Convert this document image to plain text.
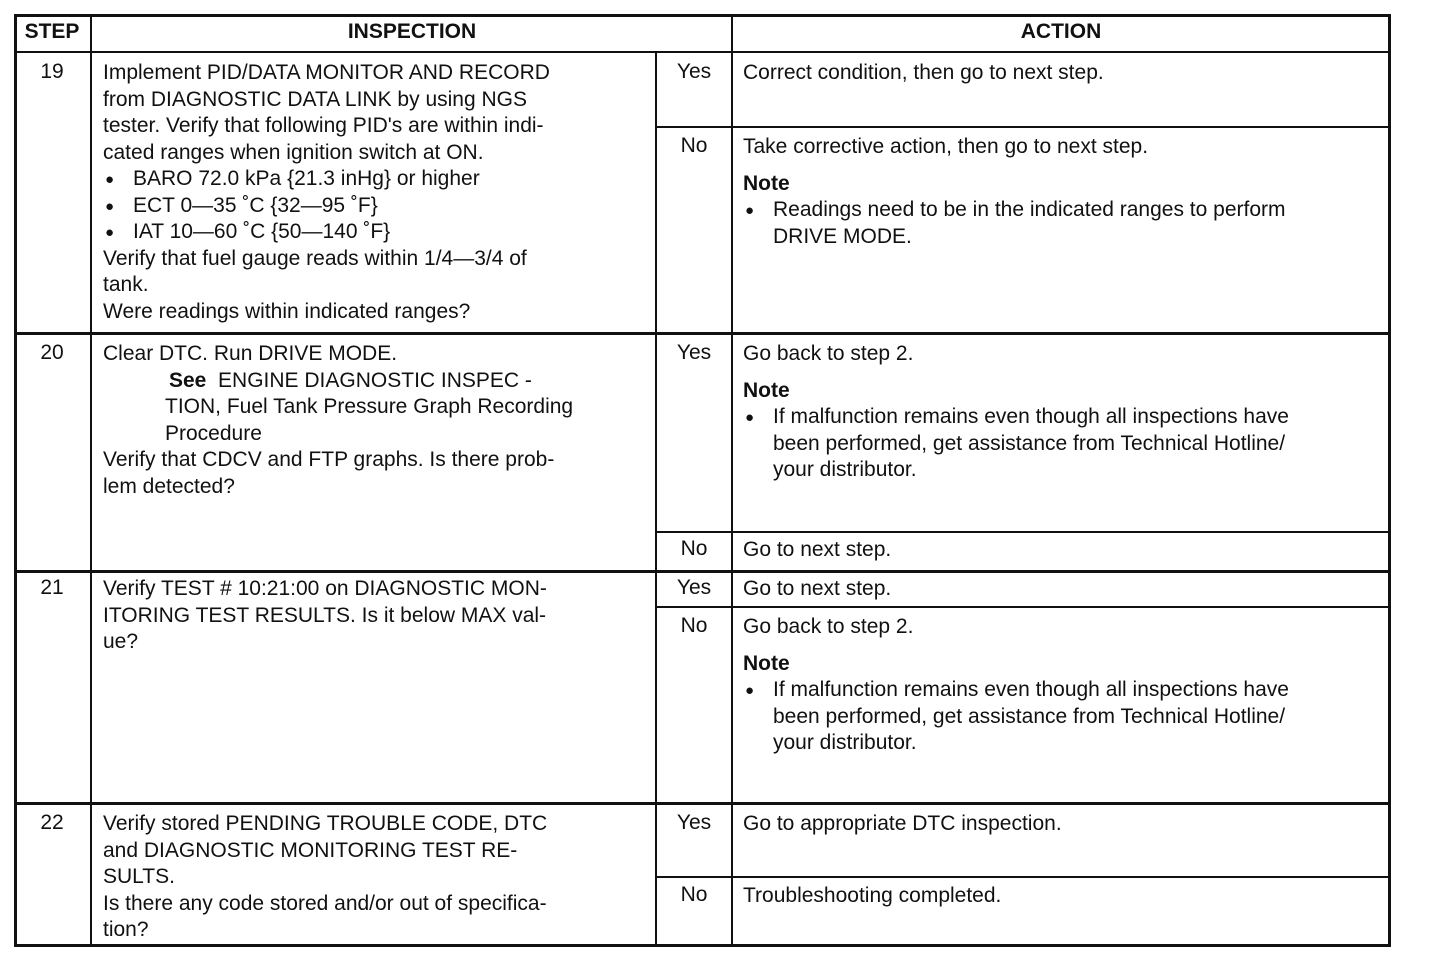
STEP	INSPECTION	ACTION
19	Implement PID/DATA MONITOR AND RECORD
from DIAGNOSTIC DATA LINK by using NGS
tester. Verify that following PID's are within indi-
cated ranges when ignition switch at ON.
● BARO 72.0 kPa {21.3 inHg} or higher
● ECT 0—35 ˚C {32—95 ˚F}
● IAT 10—60 ˚C {50—140 ˚F}
Verify that fuel gauge reads within 1/4—3/4 of
tank.
Were readings within indicated ranges?
Yes	Correct condition, then go to next step.
No	Take corrective action, then go to next step.
Note
● Readings need to be in the indicated ranges to perform
DRIVE MODE.
20	Clear DTC. Run DRIVE MODE.
See ENGINE DIAGNOSTIC INSPEC -
TION, Fuel Tank Pressure Graph Recording
Procedure
Verify that CDCV and FTP graphs. Is there prob-
lem detected?
Yes	Go back to step 2.
Note
● If malfunction remains even though all inspections have
been performed, get assistance from Technical Hotline/
your distributor.
No	Go to next step.
21	Verify TEST # 10:21:00 on DIAGNOSTIC MON-
ITORING TEST RESULTS. Is it below MAX val-
ue?
Yes	Go to next step.
No	Go back to step 2.
Note
● If malfunction remains even though all inspections have
been performed, get assistance from Technical Hotline/
your distributor.
22	Verify stored PENDING TROUBLE CODE, DTC
and DIAGNOSTIC MONITORING TEST RE-
SULTS.
Is there any code stored and/or out of specifica-
tion?
Yes	Go to appropriate DTC inspection.
No	Troubleshooting completed.
